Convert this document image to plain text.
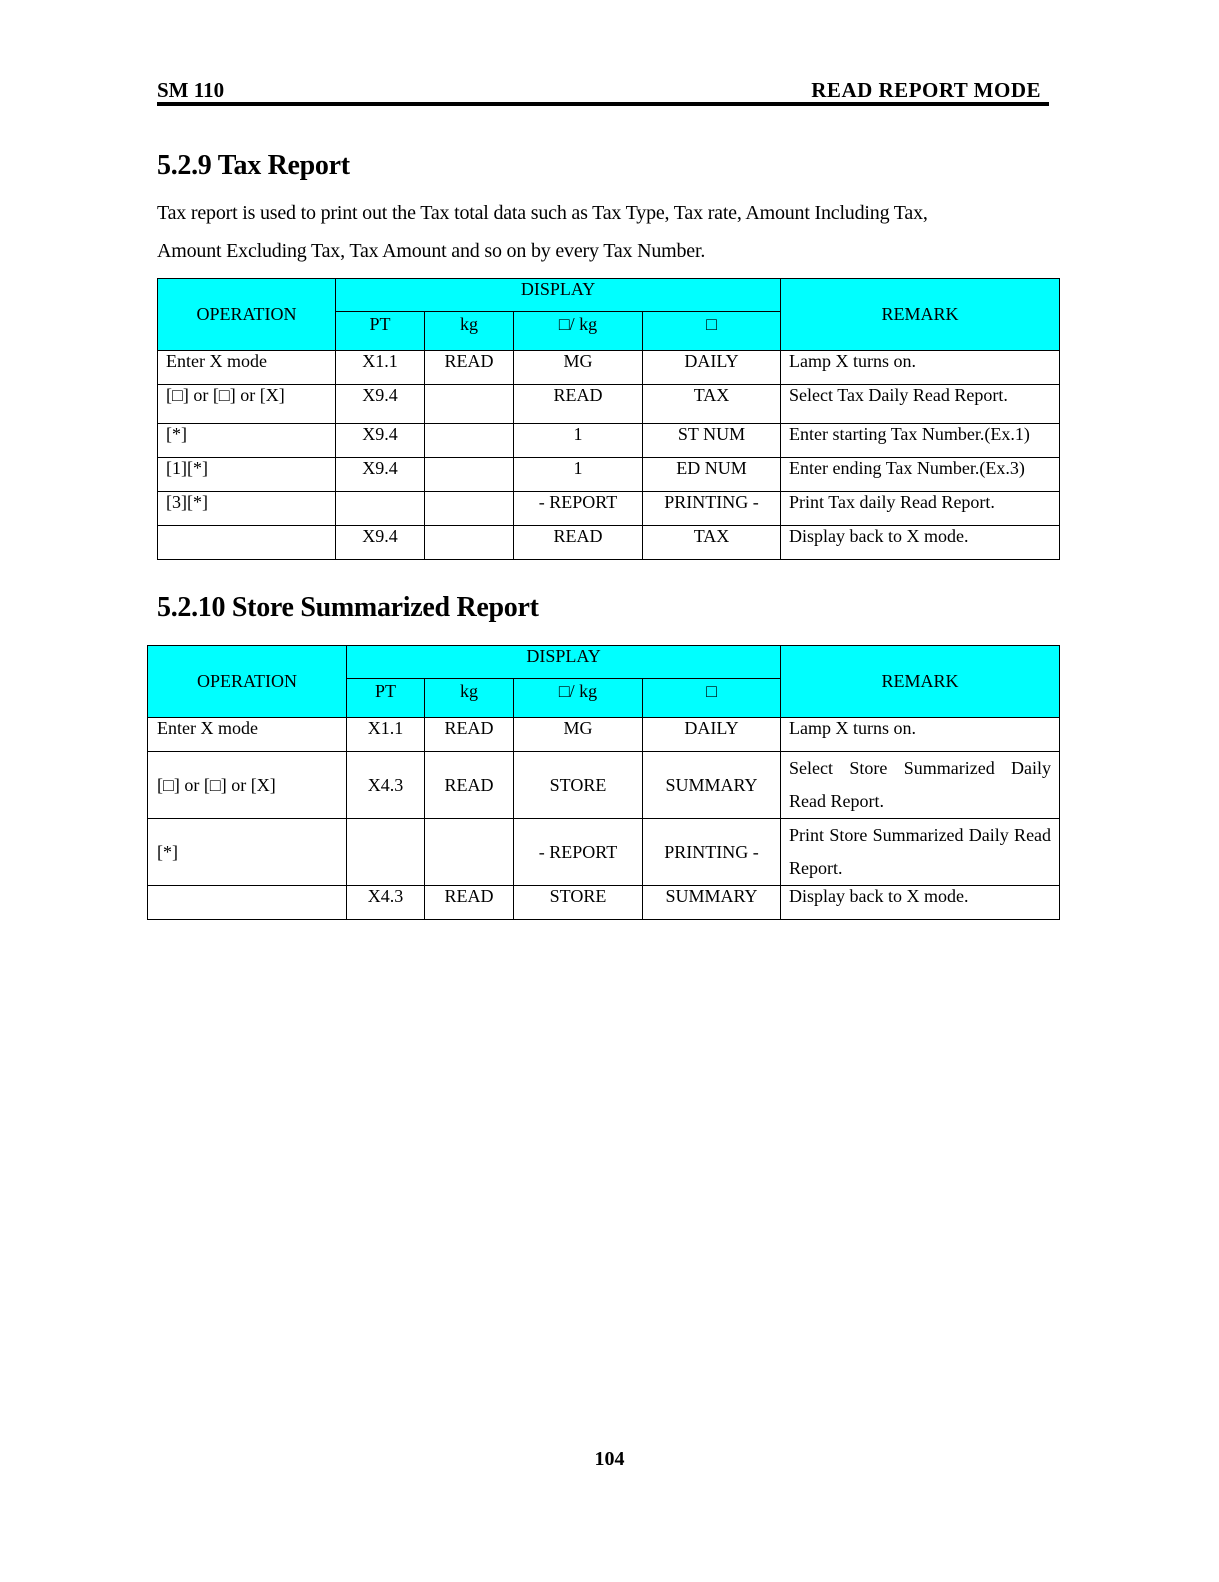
SM 110	READ REPORT MODE
5.2.9 Tax Report
Tax report is used to print out the Tax total data such as Tax Type, Tax rate, Amount Including Tax,
Amount Excluding Tax, Tax Amount and so on by every Tax Number.
OPERATION	DISPLAY				REMARK
	PT	kg	□/ kg	□	
Enter X mode	X1.1	READ	MG	DAILY	Lamp X turns on.
[□] or [□] or [X]	X9.4		READ	TAX	Select Tax Daily Read Report.
[*]	X9.4		1	ST NUM	Enter starting Tax Number.(Ex.1)
[1][*]	X9.4		1	ED NUM	Enter ending Tax Number.(Ex.3)
[3][*]			- REPORT	PRINTING -	Print Tax daily Read Report.
	X9.4		READ	TAX	Display back to X mode.
5.2.10 Store Summarized Report
OPERATION	DISPLAY				REMARK
	PT	kg	□/ kg	□	
Enter X mode	X1.1	READ	MG	DAILY	Lamp X turns on.
[□] or [□] or [X]	X4.3	READ	STORE	SUMMARY	Select Store Summarized Daily Read Report.
[*]			- REPORT	PRINTING -	Print Store Summarized Daily Read Report.
	X4.3	READ	STORE	SUMMARY	Display back to X mode.
104
